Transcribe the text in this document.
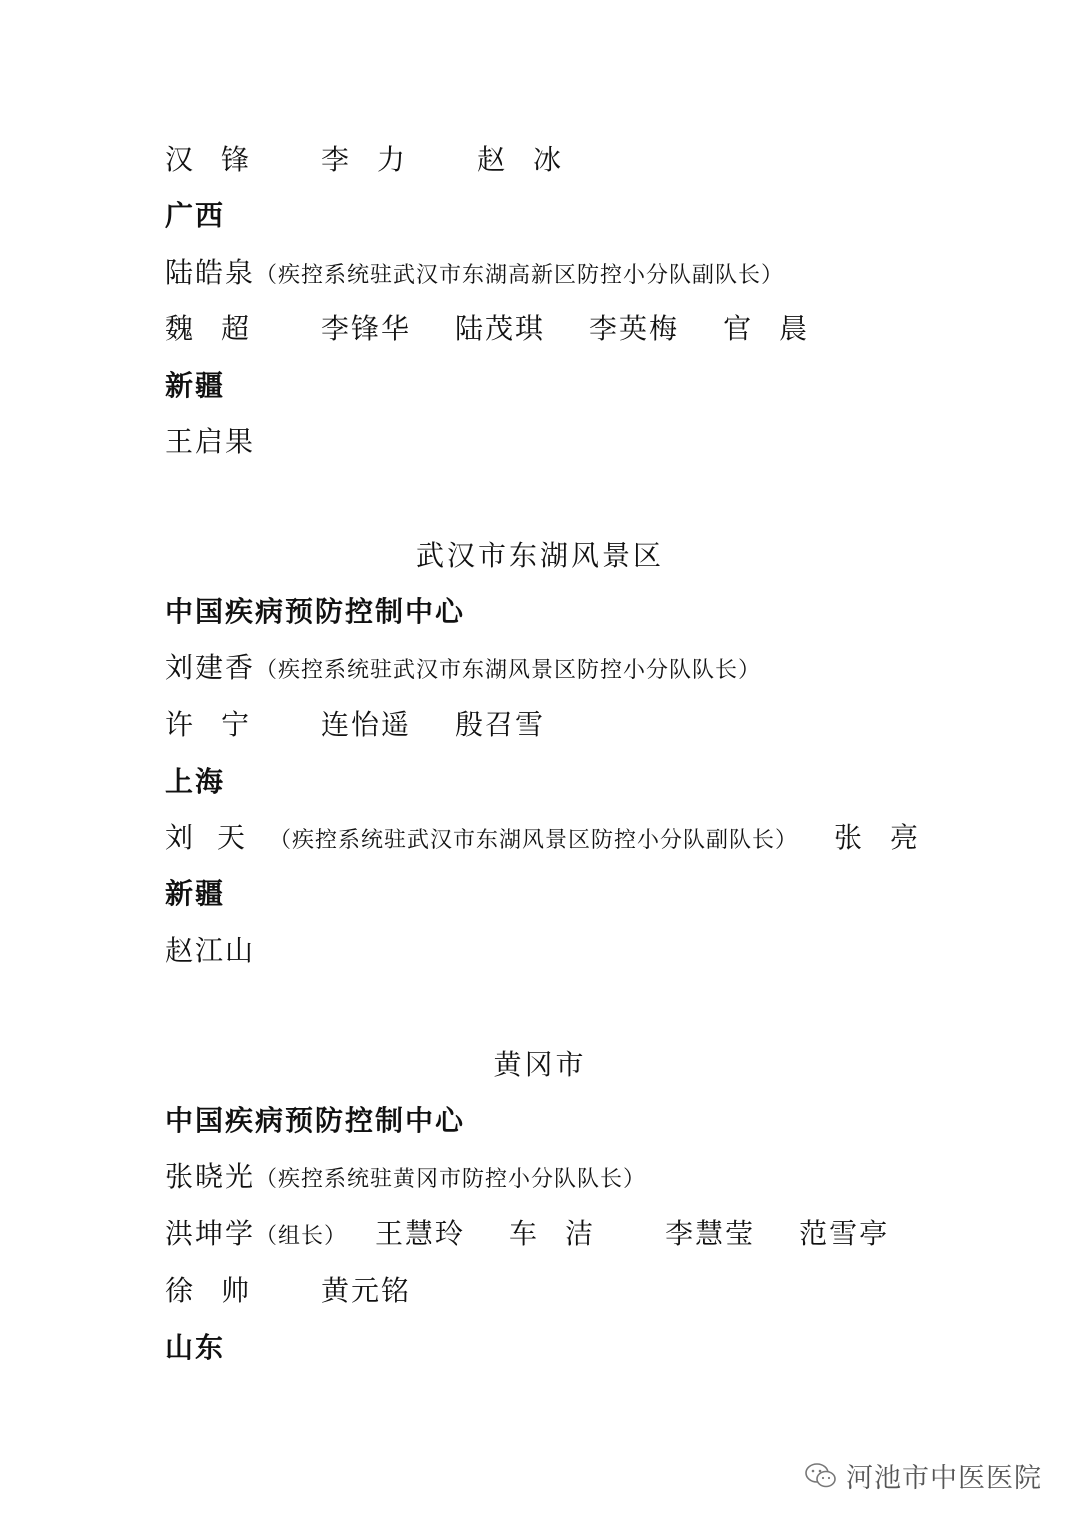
汉锋 李力 赵冰
广西
陆皓泉（疾控系统驻武汉市东湖高新区防控小分队副队长）
魏超 李锋华 陆茂琪 李英梅 官晨
新疆
王启果
武汉市东湖风景区
中国疾病预防控制中心
刘建香（疾控系统驻武汉市东湖风景区防控小分队队长）
许宁 连怡遥 殷召雪
上海
刘天（疾控系统驻武汉市东湖风景区防控小分队副队长） 张亮
新疆
赵江山
黄冈市
中国疾病预防控制中心
张晓光（疾控系统驻黄冈市防控小分队队长）
洪坤学（组长） 王慧玲 车洁 李慧莹 范雪亭
徐帅 黄元铭
山东
河池市中医医院
